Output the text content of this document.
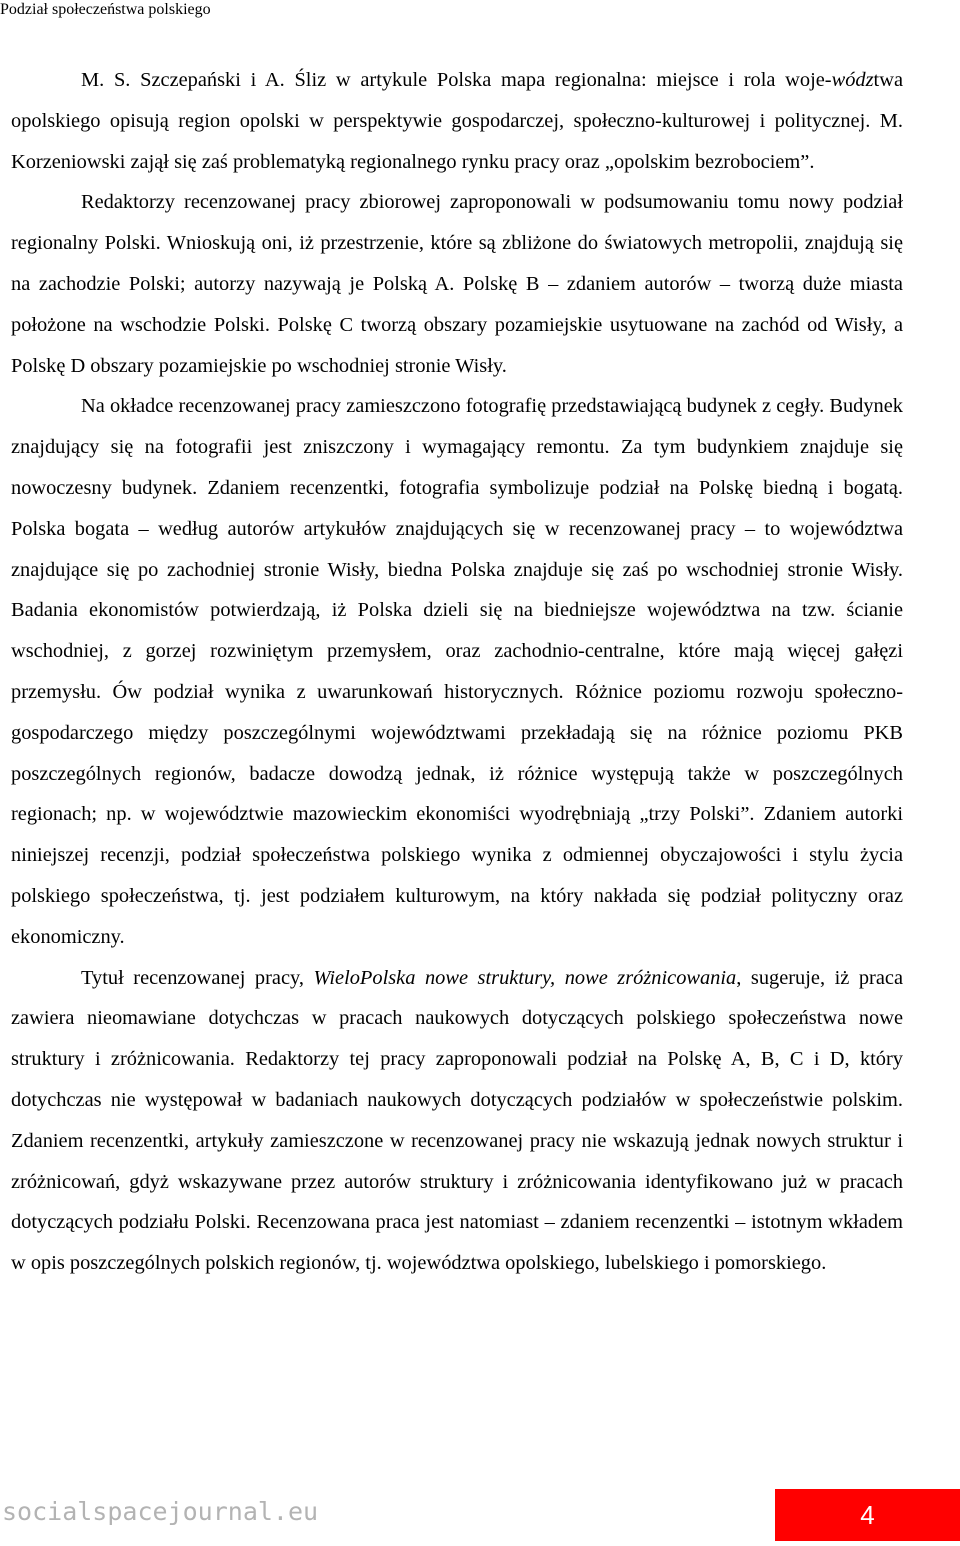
Podział społeczeństwa polskiego

M. S. Szczepański i A. Śliz w artykule Polska mapa regionalna: miejsce i rola woje-wództwa opolskiego opisują region opolski w perspektywie gospodarczej, społeczno-kulturowej i politycznej. M. Korzeniowski zajął się zaś problematyką regionalnego rynku pracy oraz „opolskim bezrobociem”.

Redaktorzy recenzowanej pracy zbiorowej zaproponowali w podsumowaniu tomu nowy podział regionalny Polski. Wnioskują oni, iż przestrzenie, które są zbliżone do światowych metropolii, znajdują się na zachodzie Polski; autorzy nazywają je Polską A. Polskę B – zdaniem autorów – tworzą duże miasta położone na wschodzie Polski. Polskę C tworzą obszary pozamiejskie usytuowane na zachód od Wisły, a Polskę D obszary pozamiejskie po wschodniej stronie Wisły.

Na okładce recenzowanej pracy zamieszczono fotografię przedstawiającą budynek z cegły. Budynek znajdujący się na fotografii jest zniszczony i wymagający remontu. Za tym budynkiem znajduje się nowoczesny budynek. Zdaniem recenzentki, fotografia symbolizuje podział na Polskę biedną i bogatą. Polska bogata – według autorów artykułów znajdujących się w recenzowanej pracy – to województwa znajdujące się po zachodniej stronie Wisły, biedna Polska znajduje się zaś po wschodniej stronie Wisły. Badania ekonomistów potwierdzają, iż Polska dzieli się na biedniejsze województwa na tzw. ścianie wschodniej, z gorzej rozwiniętym przemysłem, oraz zachodnio-centralne, które mają więcej gałęzi przemysłu. Ów podział wynika z uwarunkowań historycznych. Różnice poziomu rozwoju społeczno-gospodarczego między poszczególnymi województwami przekładają się na różnice poziomu PKB poszczególnych regionów, badacze dowodzą jednak, iż różnice występują także w poszczególnych regionach; np. w województwie mazowieckim ekonomiści wyodrębniają „trzy Polski”. Zdaniem autorki niniejszej recenzji, podział społeczeństwa polskiego wynika z odmiennej obyczajowości i stylu życia polskiego społeczeństwa, tj. jest podziałem kulturowym, na który nakłada się podział polityczny oraz ekonomiczny.

Tytuł recenzowanej pracy, WieloPolska nowe struktury, nowe zróżnicowania, sugeruje, iż praca zawiera nieomawiane dotychczas w pracach naukowych dotyczących polskiego społeczeństwa nowe struktury i zróżnicowania. Redaktorzy tej pracy zaproponowali podział na Polskę A, B, C i D, który dotychczas nie występował w badaniach naukowych dotyczących podziałów w społeczeństwie polskim. Zdaniem recenzentki, artykuły zamieszczone w recenzowanej pracy nie wskazują jednak nowych struktur i zróżnicowań, gdyż wskazywane przez autorów struktury i zróżnicowania identyfikowano już w pracach dotyczących podziału Polski. Recenzowana praca jest natomiast – zdaniem recenzentki – istotnym wkładem w opis poszczególnych polskich regionów, tj. województwa opolskiego, lubelskiego i pomorskiego.

socialspacejournal.eu	4
